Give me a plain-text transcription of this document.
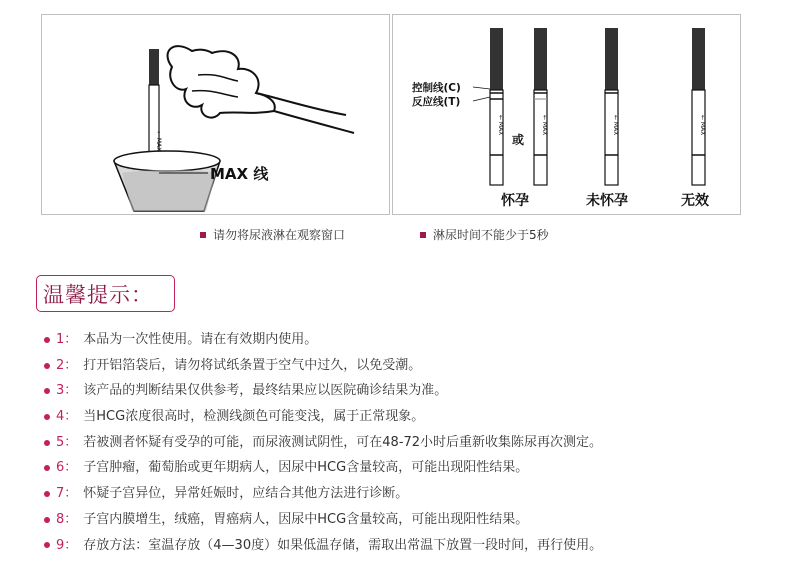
← MAX
MAX 线
控制线(C)
反应线(T)
← MAX
或
← MAX	← MAX	← MAX
怀孕	未怀孕	无效
请勿将尿液淋在观察窗口	淋尿时间不能少于5秒
温馨提示：
1： 本品为一次性使用。请在有效期内使用。
2： 打开铝箔袋后，请勿将试纸条置于空气中过久，以免受潮。
3： 该产品的判断结果仅供参考，最终结果应以医院确诊结果为准。
4： 当HCG浓度很高时，检测线颜色可能变浅，属于正常现象。
5： 若被测者怀疑有受孕的可能，而尿液测试阴性，可在48-72小时后重新收集陈尿再次测定。
6： 子宫肿瘤，葡萄胎或更年期病人，因尿中HCG含量较高，可能出现阳性结果。
7： 怀疑子宫异位，异常妊娠时，应结合其他方法进行诊断。
8： 子宫内膜增生，绒癌，胃癌病人，因尿中HCG含量较高，可能出现阳性结果。
9： 存放方法：室温存放（4—30度）如果低温存储，需取出常温下放置一段时间，再行使用。
